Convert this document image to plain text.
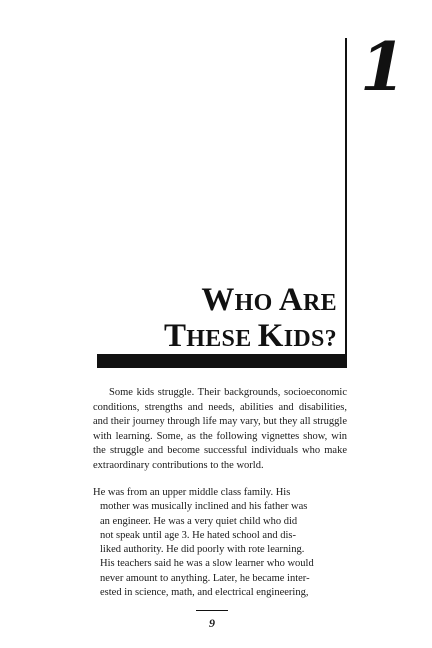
1
WHO ARE
THESE KIDS?

Some kids struggle. Their backgrounds, socioeconomic conditions, strengths and needs, abilities and disabilities, and their journey through life may vary, but they all struggle with learning. Some, as the following vignettes show, win the struggle and become successful individuals who make extraordinary contributions to the world.

He was from an upper middle class family. His
mother was musically inclined and his father was
an engineer. He was a very quiet child who did
not speak until age 3. He hated school and dis-
liked authority. He did poorly with rote learning.
His teachers said he was a slow learner who would
never amount to anything. Later, he became inter-
ested in science, math, and electrical engineering,
9
